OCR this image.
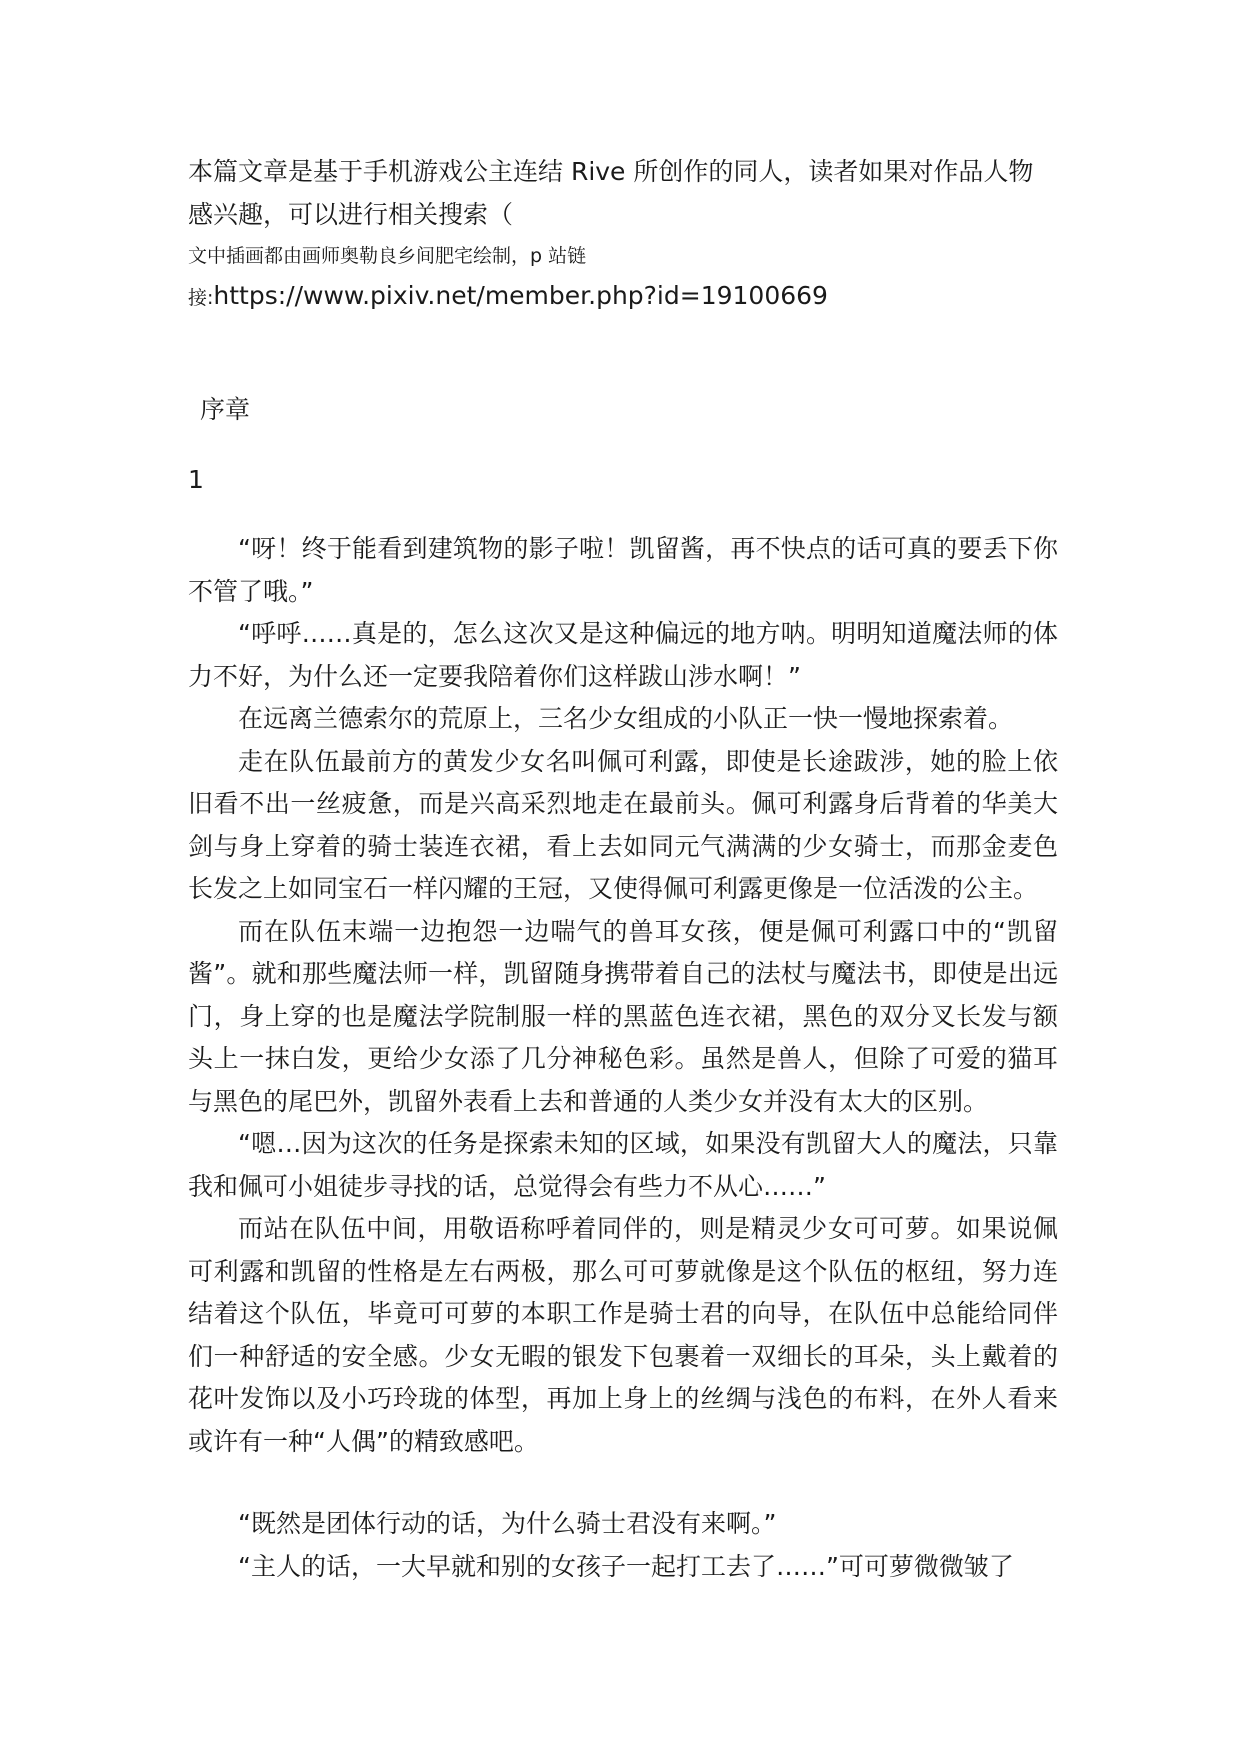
本篇文章是基于手机游戏公主连结 Rive 所创作的同人，读者如果对作品人物感兴趣，可以进行相关搜索（

文中插画都由画师奥勒良乡间肥宅绘制，p 站链

接:https://www.pixiv.net/member.php?id=19100669

序章
1

“呀！终于能看到建筑物的影子啦！凯留酱，再不快点的话可真的要丢下你不管了哦。”

“呼呼……真是的，怎么这次又是这种偏远的地方呐。明明知道魔法师的体力不好，为什么还一定要我陪着你们这样跋山涉水啊！”

在远离兰德索尔的荒原上，三名少女组成的小队正一快一慢地探索着。

走在队伍最前方的黄发少女名叫佩可利露，即使是长途跋涉，她的脸上依旧看不出一丝疲惫，而是兴高采烈地走在最前头。佩可利露身后背着的华美大剑与身上穿着的骑士装连衣裙，看上去如同元气满满的少女骑士，而那金麦色长发之上如同宝石一样闪耀的王冠，又使得佩可利露更像是一位活泼的公主。

而在队伍末端一边抱怨一边喘气的兽耳女孩，便是佩可利露口中的“凯留酱”。就和那些魔法师一样，凯留随身携带着自己的法杖与魔法书，即使是出远门，身上穿的也是魔法学院制服一样的黑蓝色连衣裙，黑色的双分叉长发与额头上一抹白发，更给少女添了几分神秘色彩。虽然是兽人，但除了可爱的猫耳与黑色的尾巴外，凯留外表看上去和普通的人类少女并没有太大的区别。

“嗯…因为这次的任务是探索未知的区域，如果没有凯留大人的魔法，只靠我和佩可小姐徒步寻找的话，总觉得会有些力不从心……”

而站在队伍中间，用敬语称呼着同伴的，则是精灵少女可可萝。如果说佩可利露和凯留的性格是左右两极，那么可可萝就像是这个队伍的枢纽，努力连结着这个队伍，毕竟可可萝的本职工作是骑士君的向导，在队伍中总能给同伴们一种舒适的安全感。少女无暇的银发下包裹着一双细长的耳朵，头上戴着的花叶发饰以及小巧玲珑的体型，再加上身上的丝绸与浅色的布料，在外人看来或许有一种“人偶”的精致感吧。

“既然是团体行动的话，为什么骑士君没有来啊。”

“主人的话，一大早就和别的女孩子一起打工去了……”可可萝微微皱了
